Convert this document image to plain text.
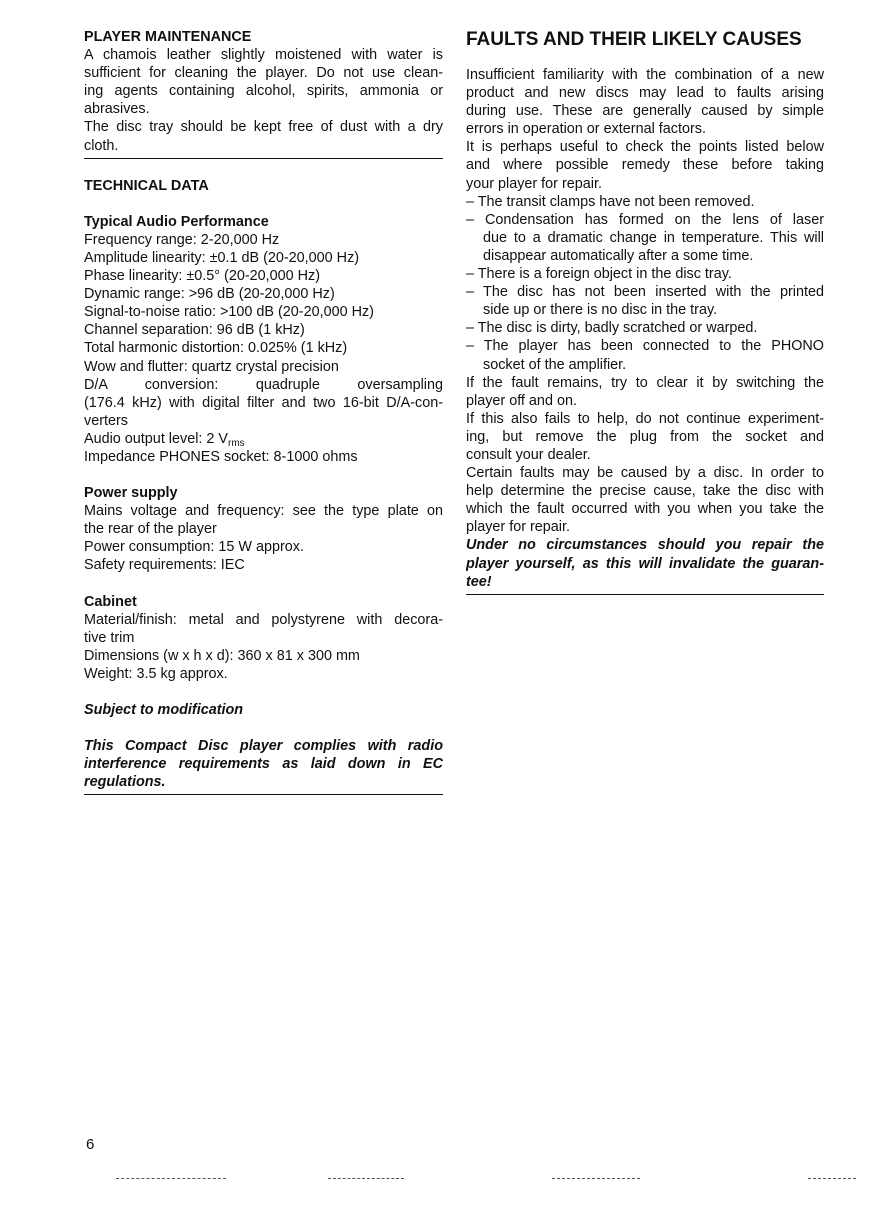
PLAYER MAINTENANCE

A chamois leather slightly moistened with water is

sufficient for cleaning the player. Do not use clean-

ing agents containing alcohol, spirits, ammonia or

abrasives.

The disc tray should be kept free of dust with a dry

cloth.

TECHNICAL DATA

Typical Audio Performance

Frequency range: 2-20,000 Hz

Amplitude linearity: ±0.1 dB (20-20,000 Hz)

Phase linearity: ±0.5° (20-20,000 Hz)

Dynamic range: >96 dB (20-20,000 Hz)

Signal-to-noise ratio: >100 dB (20-20,000 Hz)

Channel separation: 96 dB (1 kHz)

Total harmonic distortion: 0.025% (1 kHz)

Wow and flutter: quartz crystal precision

D/A conversion: quadruple oversampling

(176.4 kHz) with digital filter and two 16-bit D/A-con-

verters

Audio output level: 2 $V_{rms}$

Impedance PHONES socket: 8-1000 ohms

Power supply

Mains voltage and frequency: see the type plate on

the rear of the player

Power consumption: 15 W approx.

Safety requirements: IEC

Cabinet

Material/finish: metal and polystyrene with decora-

tive trim

Dimensions (w x h x d): 360 x 81 x 300 mm

Weight: 3.5 kg approx.

Subject to modification

This Compact Disc player complies with radio

interference requirements as laid down in EC

regulations.

FAULTS AND THEIR LIKELY CAUSES

Insufficient familiarity with the combination of a new

product and new discs may lead to faults arising

during use. These are generally caused by simple

errors in operation or external factors.

It is perhaps useful to check the points listed below

and where possible remedy these before taking

your player for repair.

– The transit clamps have not been removed.

– Condensation has formed on the lens of laser

due to a dramatic change in temperature. This will

disappear automatically after a some time.

– There is a foreign object in the disc tray.

– The disc has not been inserted with the printed

side up or there is no disc in the tray.

– The disc is dirty, badly scratched or warped.

– The player has been connected to the PHONO

socket of the amplifier.

If the fault remains, try to clear it by switching the

player off and on.

If this also fails to help, do not continue experiment-

ing, but remove the plug from the socket and

consult your dealer.

Certain faults may be caused by a disc. In order to

help determine the precise cause, take the disc with

which the fault occurred with you when you take the

player for repair.

Under no circumstances should you repair the

player yourself, as this will invalidate the guaran-

tee!

6
